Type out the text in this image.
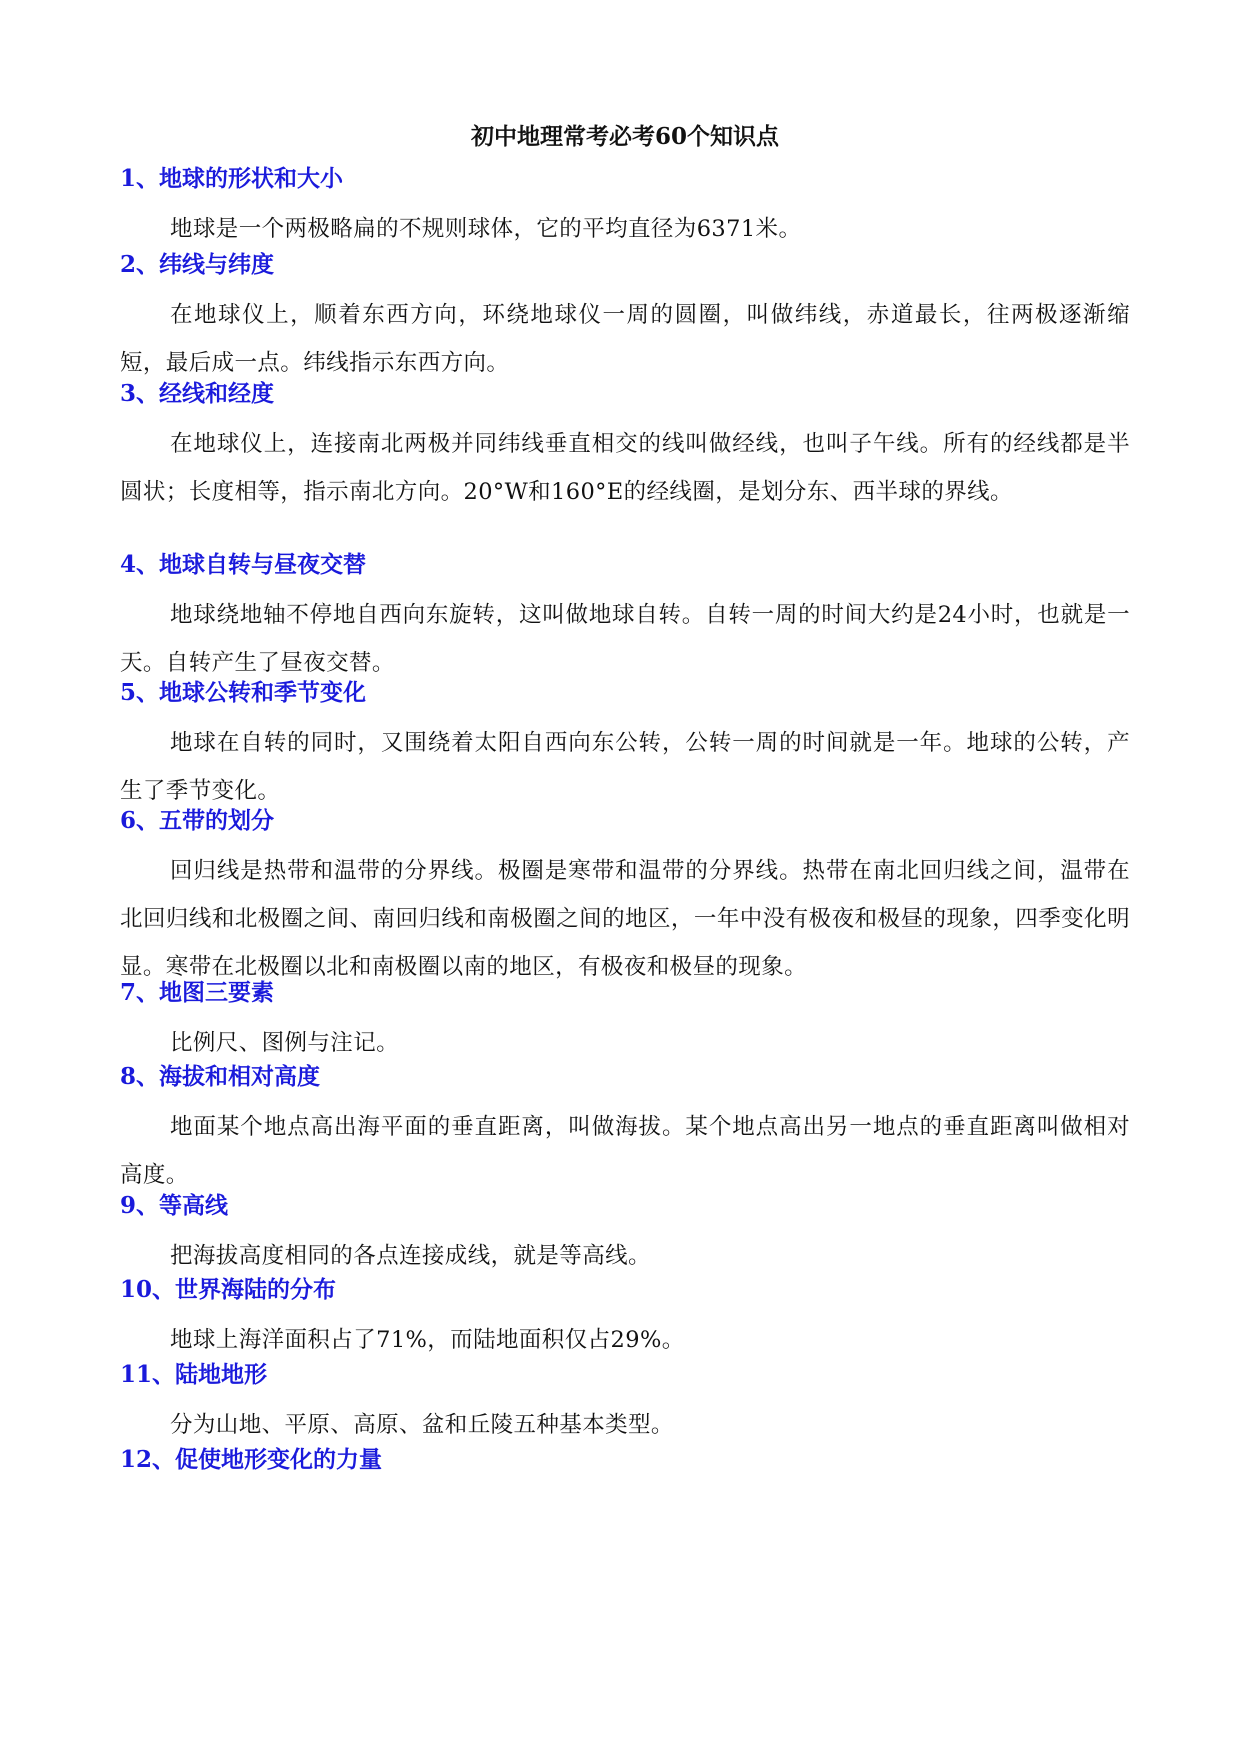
初中地理常考必考60个知识点
1、地球的形状和大小

地球是一个两极略扁的不规则球体，它的平均直径为6371米。

2、纬线与纬度

在地球仪上，顺着东西方向，环绕地球仪一周的圆圈，叫做纬线，赤道最长，往两极逐渐缩短，最后成一点。纬线指示东西方向。

3、经线和经度

在地球仪上，连接南北两极并同纬线垂直相交的线叫做经线，也叫子午线。所有的经线都是半圆状；长度相等，指示南北方向。20°W和160°E的经线圈，是划分东、西半球的界线。

4、地球自转与昼夜交替

地球绕地轴不停地自西向东旋转，这叫做地球自转。自转一周的时间大约是24小时，也就是一天。自转产生了昼夜交替。

5、地球公转和季节变化

地球在自转的同时，又围绕着太阳自西向东公转，公转一周的时间就是一年。地球的公转，产生了季节变化。

6、五带的划分

回归线是热带和温带的分界线。极圈是寒带和温带的分界线。热带在南北回归线之间，温带在北回归线和北极圈之间、南回归线和南极圈之间的地区，一年中没有极夜和极昼的现象，四季变化明显。寒带在北极圈以北和南极圈以南的地区，有极夜和极昼的现象。

7、地图三要素

比例尺、图例与注记。

8、海拔和相对高度

地面某个地点高出海平面的垂直距离，叫做海拔。某个地点高出另一地点的垂直距离叫做相对高度。

9、等高线

把海拔高度相同的各点连接成线，就是等高线。

10、世界海陆的分布

地球上海洋面积占了71%，而陆地面积仅占29%。

11、陆地地形

分为山地、平原、高原、盆和丘陵五种基本类型。

12、促使地形变化的力量
